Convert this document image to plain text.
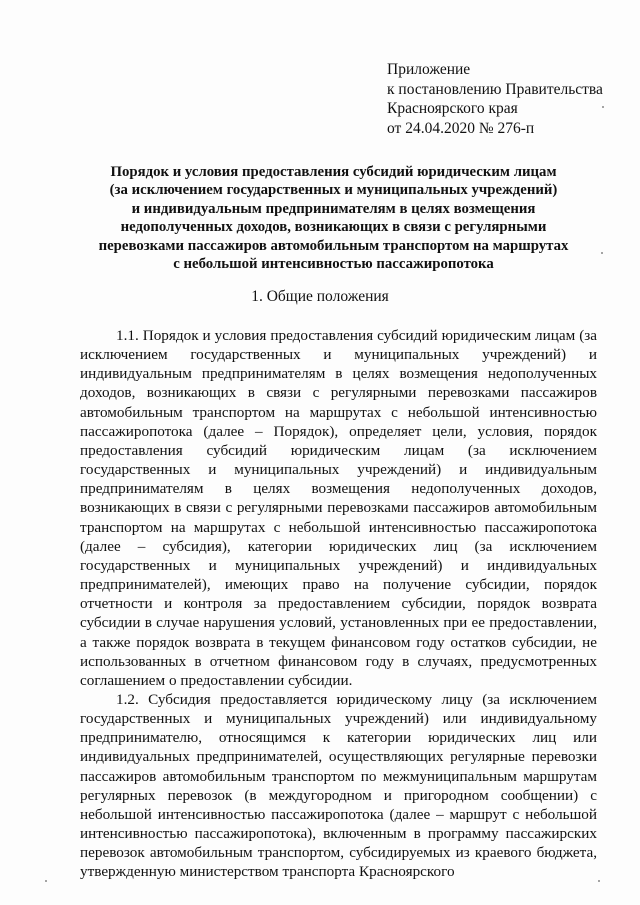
Приложение
к постановлению Правительства
Красноярского края
от 24.04.2020 № 276-п
Порядок и условия предоставления субсидий юридическим лицам
(за исключением государственных и муниципальных учреждений)
и индивидуальным предпринимателям в целях возмещения
недополученных доходов, возникающих в связи с регулярными
перевозками пассажиров автомобильным транспортом на маршрутах
с небольшой интенсивностью пассажиропотока
1. Общие положения

1.1. Порядок и условия предоставления субсидий юридическим лицам (за исключением государственных и муниципальных учреждений) и индивидуальным предпринимателям в целях возмещения недополученных доходов, возникающих в связи с регулярными перевозками пассажиров автомобильным транспортом на маршрутах с небольшой интенсивностью пассажиропотока (далее – Порядок), определяет цели, условия, порядок предоставления субсидий юридическим лицам (за исключением государственных и муниципальных учреждений) и индивидуальным предпринимателям в целях возмещения недополученных доходов, возникающих в связи с регулярными перевозками пассажиров автомобильным транспортом на маршрутах с небольшой интенсивностью пассажиропотока (далее – субсидия), категории юридических лиц (за исключением государственных и муниципальных учреждений) и индивидуальных предпринимателей), имеющих право на получение субсидии, порядок отчетности и контроля за предоставлением субсидии, порядок возврата субсидии в случае нарушения условий, установленных при ее предоставлении, а также порядок возврата в текущем финансовом году остатков субсидии, не использованных в отчетном финансовом году в случаях, предусмотренных соглашением о предоставлении субсидии.

1.2. Субсидия предоставляется юридическому лицу (за исключением государственных и муниципальных учреждений) или индивидуальному предпринимателю, относящимся к категории юридических лиц или индивидуальных предпринимателей, осуществляющих регулярные перевозки пассажиров автомобильным транспортом по межмуниципальным маршрутам регулярных перевозок (в междугородном и пригородном сообщении) с небольшой интенсивностью пассажиропотока (далее – маршрут с небольшой интенсивностью пассажиропотока), включенным в программу пассажирских перевозок автомобильным транспортом, субсидируемых из краевого бюджета, утвержденную министерством транспорта Красноярского
